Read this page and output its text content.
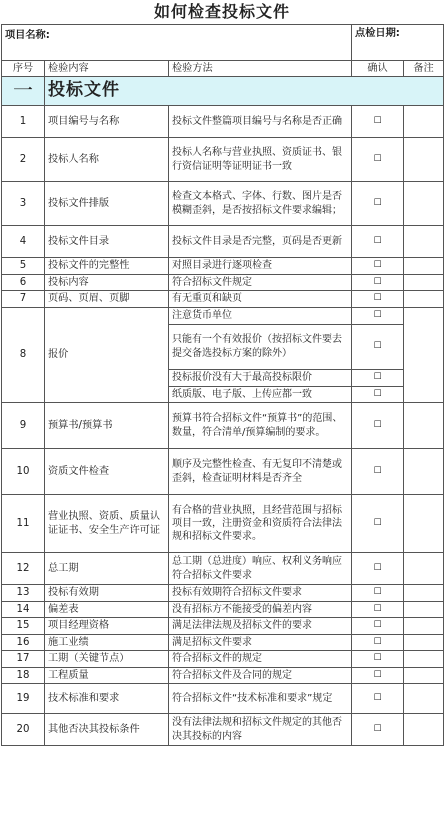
如何检查投标文件
项目名称:			点检日期:	
序号	检验内容	检验方法	确认	备注
一	投标文件			
1	项目编号与名称	投标文件整篇项目编号与名称是否正确	☐	
2	投标人名称	投标人名称与营业执照、资质证书、银行资信证明等证明证书一致	☐	
3	投标文件排版	检查文本格式、字体、行数、图片是否模糊歪斜，是否按招标文件要求编辑；	☐	
4	投标文件目录	投标文件目录是否完整，页码是否更新	☐	
5	投标文件的完整性	对照目录进行逐项检查	☐	
6	投标内容	符合招标文件规定	☐	
7	页码、页眉、页脚	有无重页和缺页	☐	
8	报价	注意货币单位	☐	
		只能有一个有效报价（按招标文件要去提交备选投标方案的除外）	☐	
		投标报价没有大于最高投标限价	☐	
		纸质版、电子版、上传应都一致	☐	
9	预算书/预算书	预算书符合招标文件“预算书”的范围、数量，符合清单/预算编制的要求。	☐	
10	资质文件检查	顺序及完整性检查、有无复印不清楚或歪斜，检查证明材料是否齐全	☐	
11	营业执照、资质、质量认证证书、安全生产许可证	有合格的营业执照，且经营范围与招标项目一致，注册资金和资质符合法律法规和招标文件要求。	☐	
12	总工期	总工期（总进度）响应、权利义务响应符合招标文件要求	☐	
13	投标有效期	投标有效期符合招标文件要求	☐	
14	偏差表	没有招标方不能接受的偏差内容	☐	
15	项目经理资格	满足法律法规及招标文件的要求	☐	
16	施工业绩	满足招标文件要求	☐	
17	工期（关键节点）	符合招标文件的规定	☐	
18	工程质量	符合招标文件及合同的规定	☐	
19	技术标准和要求	符合招标文件“技术标准和要求”规定	☐	
20	其他否决其投标条件	没有法律法规和招标文件规定的其他否决其投标的内容	☐	
